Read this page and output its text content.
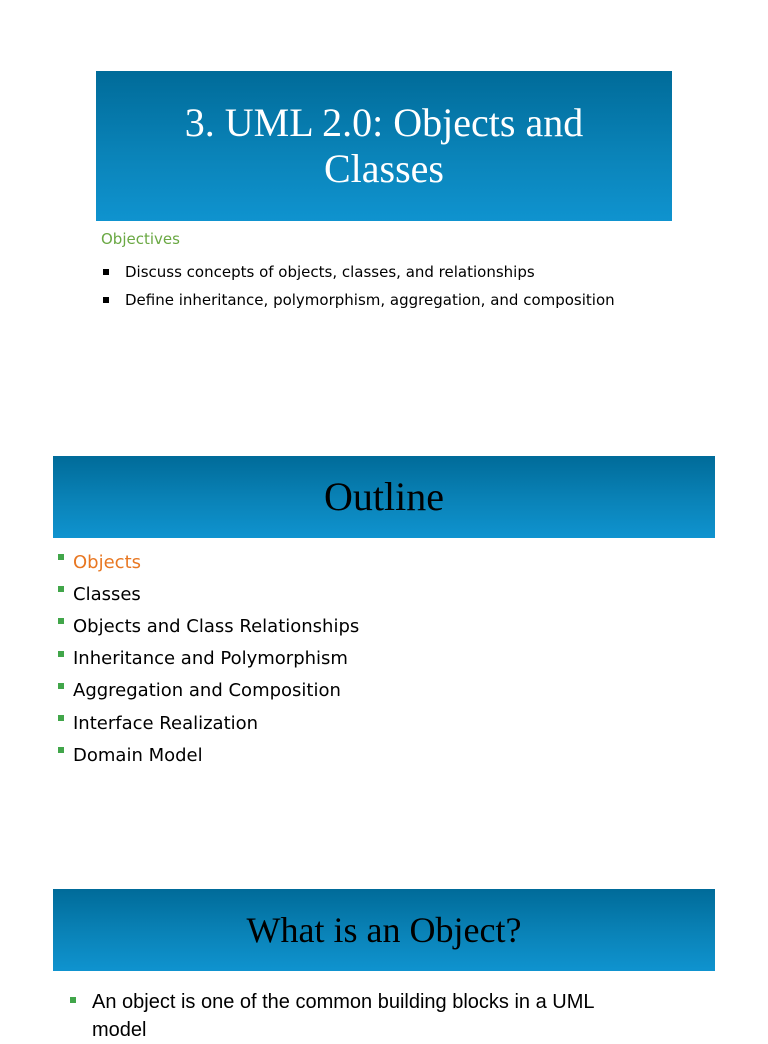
3. UML 2.0: Objects and Classes
Objectives
Discuss concepts of objects, classes, and relationships
Define inheritance, polymorphism, aggregation, and composition
Outline
Objects
Classes
Objects and Class Relationships
Inheritance and Polymorphism
Aggregation and Composition
Interface Realization
Domain Model
What is an Object?
An object is one of the common building blocks in a UML model
